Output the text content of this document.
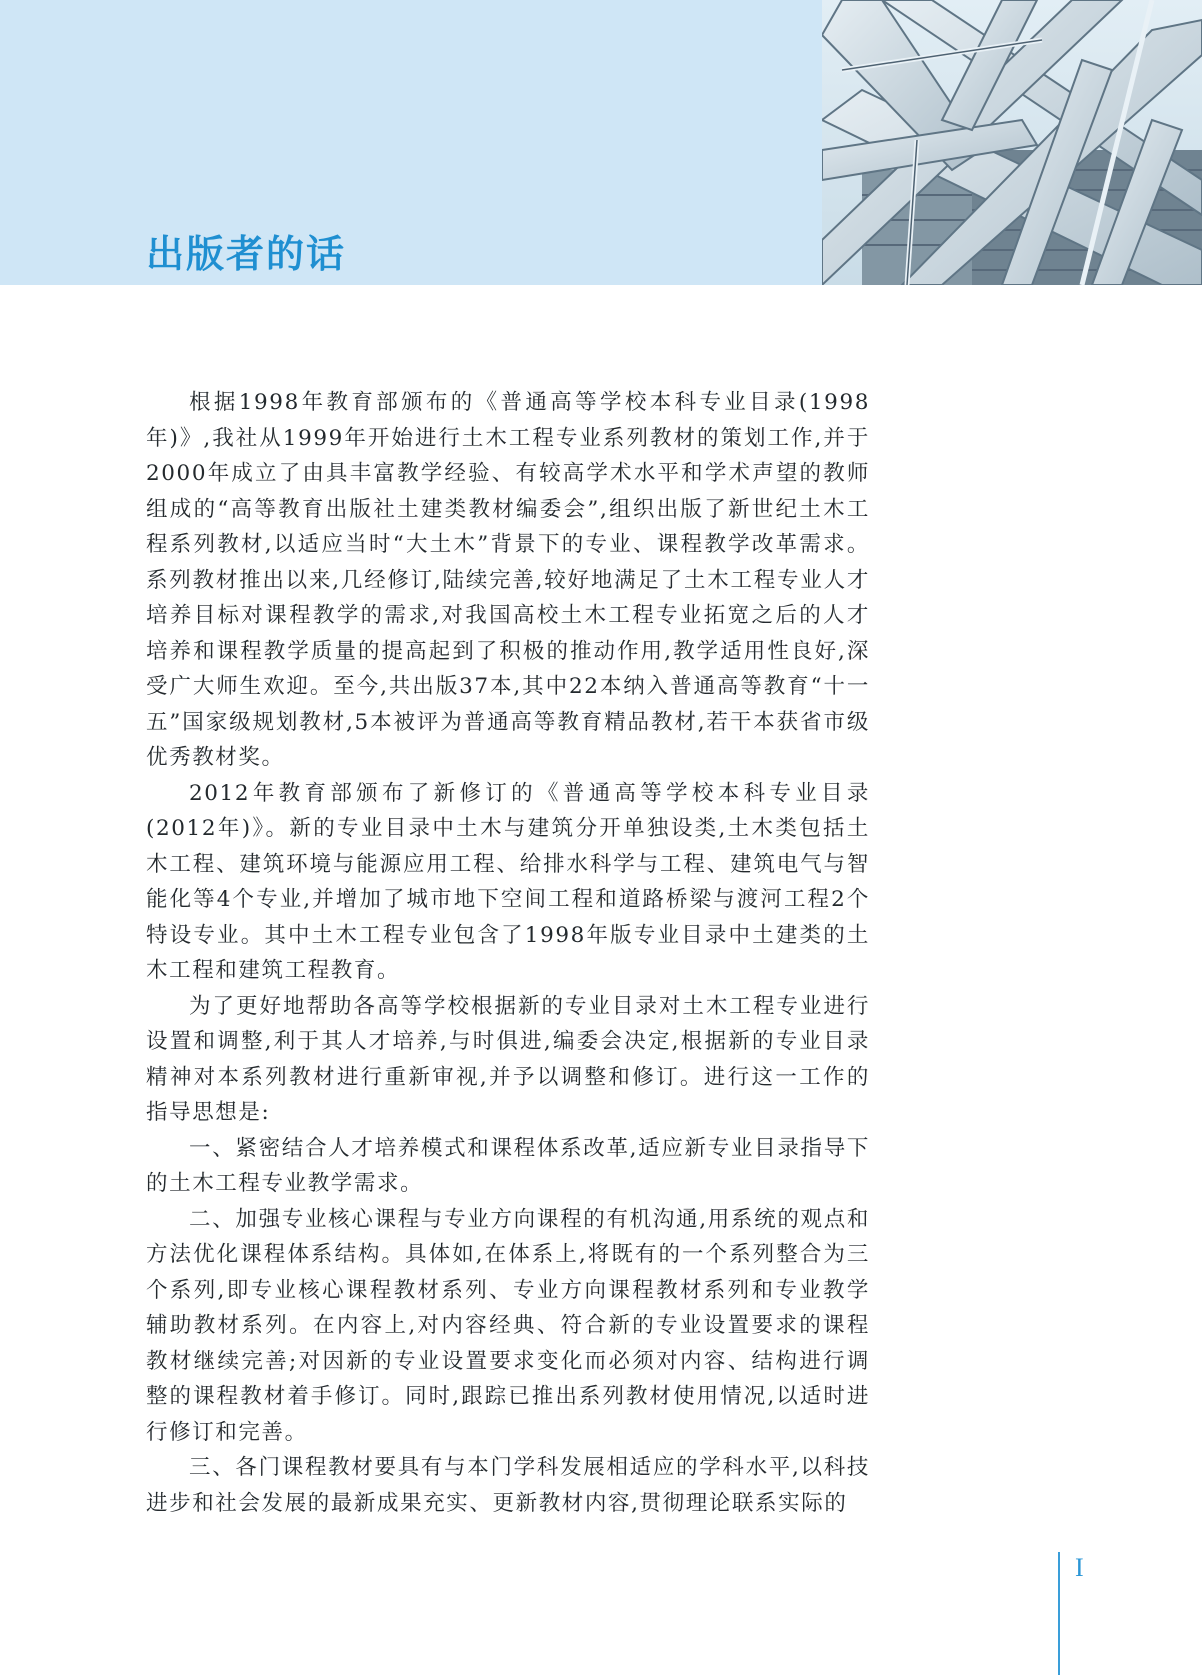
出版者的话

根据1998年教育部颁布的《普通高等学校本科专业目录(1998年)》,我社从1999年开始进行土木工程专业系列教材的策划工作,并于2000年成立了由具丰富教学经验、有较高学术水平和学术声望的教师组成的“高等教育出版社土建类教材编委会”,组织出版了新世纪土木工程系列教材,以适应当时“大土木”背景下的专业、课程教学改革需求。系列教材推出以来,几经修订,陆续完善,较好地满足了土木工程专业人才培养目标对课程教学的需求,对我国高校土木工程专业拓宽之后的人才培养和课程教学质量的提高起到了积极的推动作用,教学适用性良好,深受广大师生欢迎。至今,共出版37本,其中22本纳入普通高等教育“十一五”国家级规划教材,5本被评为普通高等教育精品教材,若干本获省市级优秀教材奖。

2012年教育部颁布了新修订的《普通高等学校本科专业目录(2012年)》。新的专业目录中土木与建筑分开单独设类,土木类包括土木工程、建筑环境与能源应用工程、给排水科学与工程、建筑电气与智能化等4个专业,并增加了城市地下空间工程和道路桥梁与渡河工程2个特设专业。其中土木工程专业包含了1998年版专业目录中土建类的土木工程和建筑工程教育。

为了更好地帮助各高等学校根据新的专业目录对土木工程专业进行设置和调整,利于其人才培养,与时俱进,编委会决定,根据新的专业目录精神对本系列教材进行重新审视,并予以调整和修订。进行这一工作的指导思想是:

一、紧密结合人才培养模式和课程体系改革,适应新专业目录指导下的土木工程专业教学需求。

二、加强专业核心课程与专业方向课程的有机沟通,用系统的观点和方法优化课程体系结构。具体如,在体系上,将既有的一个系列整合为三个系列,即专业核心课程教材系列、专业方向课程教材系列和专业教学辅助教材系列。在内容上,对内容经典、符合新的专业设置要求的课程教材继续完善;对因新的专业设置要求变化而必须对内容、结构进行调整的课程教材着手修订。同时,跟踪已推出系列教材使用情况,以适时进行修订和完善。

三、各门课程教材要具有与本门学科发展相适应的学科水平,以科技进步和社会发展的最新成果充实、更新教材内容,贯彻理论联系实际的

I
